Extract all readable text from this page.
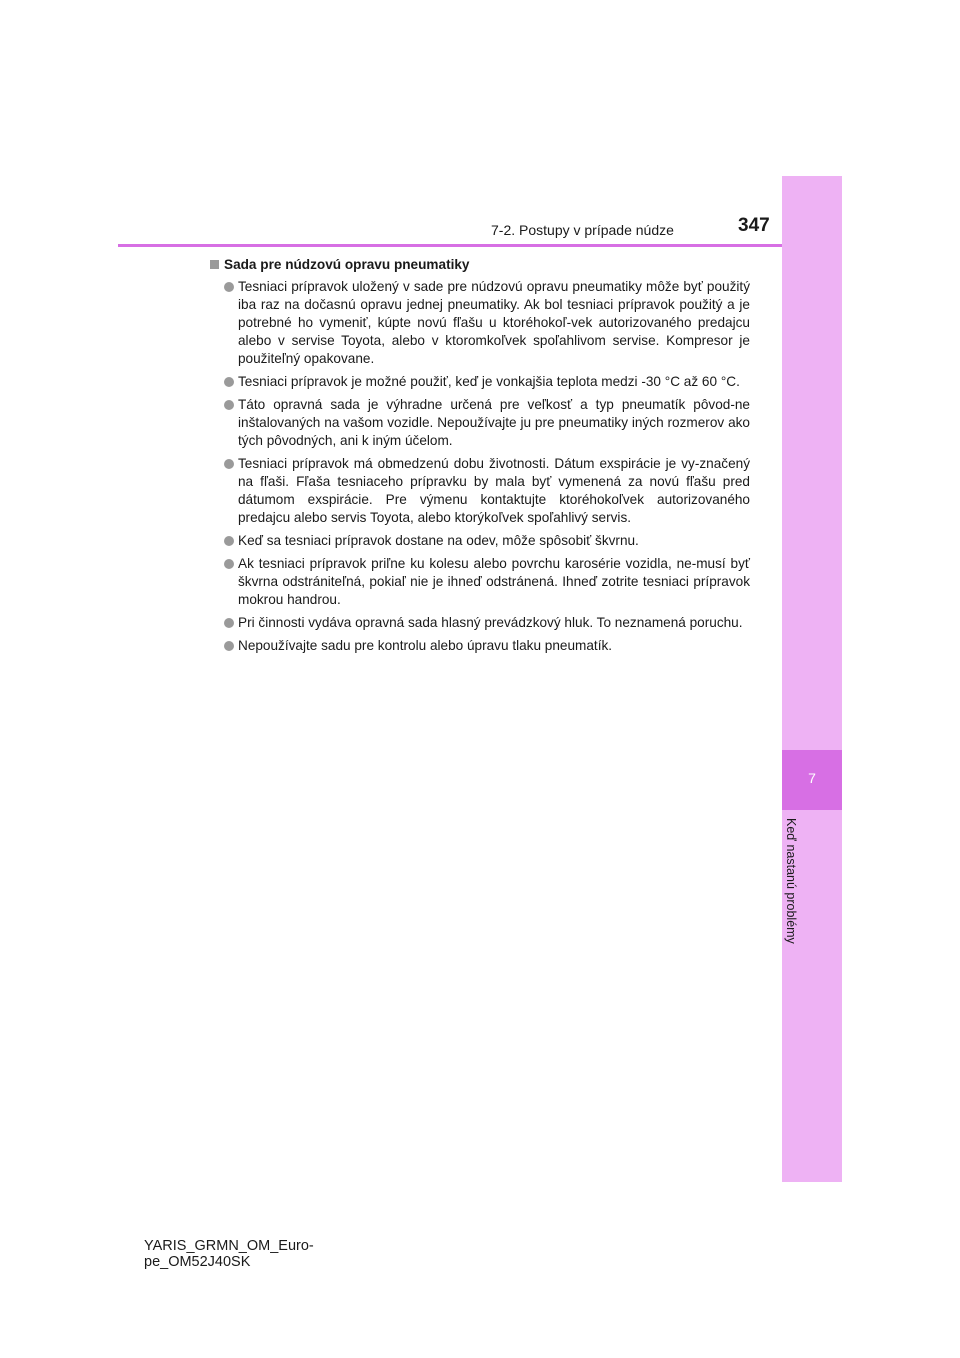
7
Keď nastanú problémy
7-2. Postupy v prípade núdze	347
Sada pre núdzovú opravu pneumatiky
Tesniaci prípravok uložený v sade pre núdzovú opravu pneumatiky môže byť použitý iba raz na dočasnú opravu jednej pneumatiky. Ak bol tesniaci prípravok použitý a je potrebné ho vymeniť, kúpte novú fľašu u ktoréhokoľ-vek autorizovaného predajcu alebo v servise Toyota, alebo v ktoromkoľvek spoľahlivom servise. Kompresor je použiteľný opakovane.
Tesniaci prípravok je možné použiť, keď je vonkajšia teplota medzi -30 °C až 60 °C.
Táto opravná sada je výhradne určená pre veľkosť a typ pneumatík pôvod-ne inštalovaných na vašom vozidle. Nepoužívajte ju pre pneumatiky iných rozmerov ako tých pôvodných, ani k iným účelom.
Tesniaci prípravok má obmedzenú dobu životnosti. Dátum exspirácie je vy-značený na fľaši. Fľaša tesniaceho prípravku by mala byť vymenená za novú fľašu pred dátumom exspirácie. Pre výmenu kontaktujte ktoréhokoľvek autorizovaného predajcu alebo servis Toyota, alebo ktorýkoľvek spoľahlivý servis.
Keď sa tesniaci prípravok dostane na odev, môže spôsobiť škvrnu.
Ak tesniaci prípravok priľne ku kolesu alebo povrchu karosérie vozidla, ne-musí byť škvrna odstrániteľná, pokiaľ nie je ihneď odstránená. Ihneď zotrite tesniaci prípravok mokrou handrou.
Pri činnosti vydáva opravná sada hlasný prevádzkový hluk. To neznamená poruchu.
Nepoužívajte sadu pre kontrolu alebo úpravu tlaku pneumatík.
YARIS_GRMN_OM_Euro-
pe_OM52J40SK
